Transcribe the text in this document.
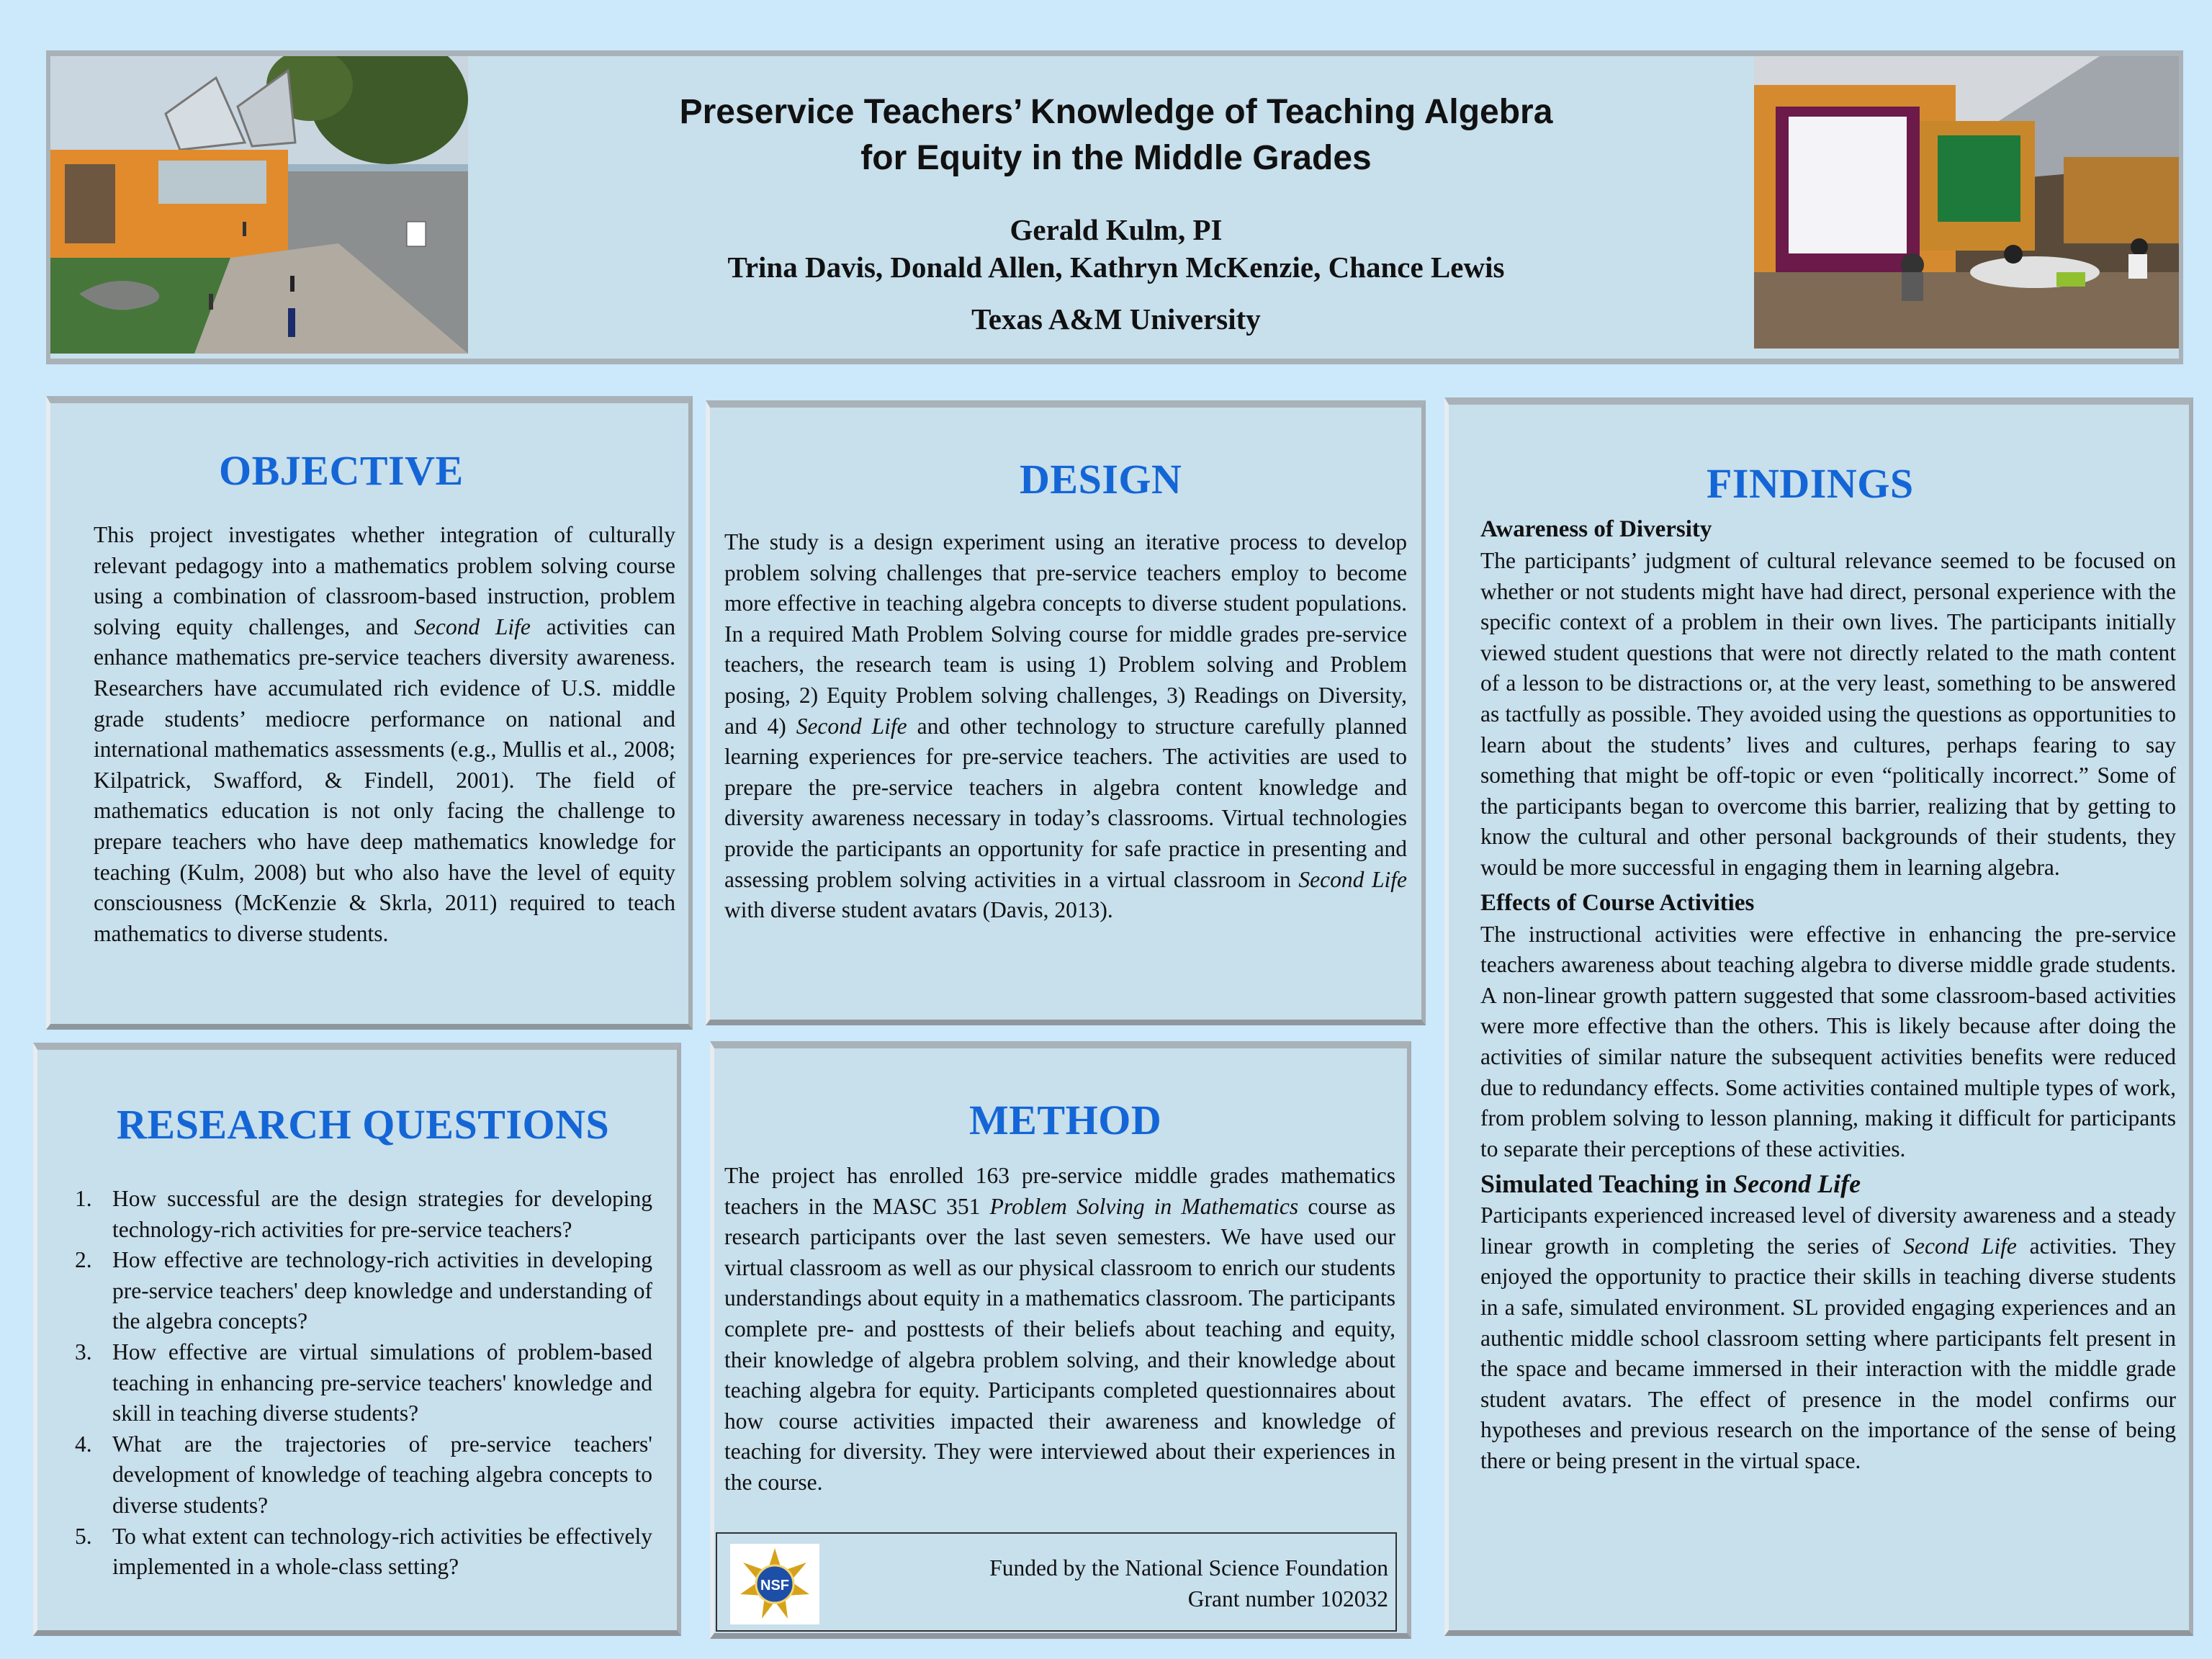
Preservice Teachers’ Knowledge of Teaching Algebra
for Equity in the Middle Grades
Gerald Kulm, PI
Trina Davis, Donald Allen, Kathryn McKenzie, Chance Lewis
Texas A&M University
OBJECTIVE
This project investigates whether integration of culturally relevant pedagogy into a mathematics problem solving course using a combination of classroom-based instruction, problem solving equity challenges, and Second Life activities can enhance mathematics pre-service teachers diversity awareness. Researchers have accumulated rich evidence of U.S. middle grade students’ mediocre performance on national and international mathematics assessments (e.g., Mullis et al., 2008; Kilpatrick, Swafford, & Findell, 2001). The field of mathematics education is not only facing the challenge to prepare teachers who have deep mathematics knowledge for teaching (Kulm, 2008) but who also have the level of equity consciousness (McKenzie & Skrla, 2011) required to teach mathematics to diverse students.
DESIGN
The study is a design experiment using an iterative process to develop problem solving challenges that pre-service teachers employ to become more effective in teaching algebra concepts to diverse student populations. In a required Math Problem Solving course for middle grades pre-service teachers, the research team is using 1) Problem solving and Problem posing, 2) Equity Problem solving challenges, 3) Readings on Diversity, and 4) Second Life and other technology to structure carefully planned learning experiences for pre-service teachers. The activities are used to prepare the pre-service teachers in algebra content knowledge and diversity awareness necessary in today’s classrooms. Virtual technologies provide the participants an opportunity for safe practice in presenting and assessing problem solving activities in a virtual classroom in Second Life with diverse student avatars (Davis, 2013).
FINDINGS
Awareness of Diversity
The participants’ judgment of cultural relevance seemed to be focused on whether or not students might have had direct, personal experience with the specific context of a problem in their own lives. The participants initially viewed student questions that were not directly related to the math content of a lesson to be distractions or, at the very least, something to be answered as tactfully as possible. They avoided using the questions as opportunities to learn about the students’ lives and cultures, perhaps fearing to say something that might be off-topic or even “politically incorrect.” Some of the participants began to overcome this barrier, realizing that by getting to know the cultural and other personal backgrounds of their students, they would be more successful in engaging them in learning algebra.
Effects of Course Activities
The instructional activities were effective in enhancing the pre-service teachers awareness about teaching algebra to diverse middle grade students. A non-linear growth pattern suggested that some classroom-based activities were more effective than the others. This is likely because after doing the activities of similar nature the subsequent activities benefits were reduced due to redundancy effects. Some activities contained multiple types of work, from problem solving to lesson planning, making it difficult for participants to separate their perceptions of these activities.
Simulated Teaching in Second Life
Participants experienced increased level of diversity awareness and a steady linear growth in completing the series of Second Life activities. They enjoyed the opportunity to practice their skills in teaching diverse students in a safe, simulated environment. SL provided engaging experiences and an authentic middle school classroom setting where participants felt present in the space and became immersed in their interaction with the middle grade student avatars. The effect of presence in the model confirms our hypotheses and previous research on the importance of the sense of being there or being present in the virtual space.
RESEARCH QUESTIONS
1. How successful are the design strategies for developing technology-rich activities for pre-service teachers?
2. How effective are technology-rich activities in developing pre-service teachers' deep knowledge and understanding of the algebra concepts?
3. How effective are virtual simulations of problem-based teaching in enhancing pre-service teachers' knowledge and skill in teaching diverse students?
4. What are the trajectories of pre-service teachers' development of knowledge of teaching algebra concepts to diverse students?
5. To what extent can technology-rich activities be effectively implemented in a whole-class setting?
METHOD
The project has enrolled 163 pre-service middle grades mathematics teachers in the MASC 351 Problem Solving in Mathematics course as research participants over the last seven semesters. We have used our virtual classroom as well as our physical classroom to enrich our students understandings about equity in a mathematics classroom. The participants complete pre- and posttests of their beliefs about teaching and equity, their knowledge of algebra problem solving, and their knowledge about teaching algebra for equity. Participants completed questionnaires about how course activities impacted their awareness and knowledge of teaching for diversity. They were interviewed about their experiences in the course.
NSF
Funded by the National Science Foundation
Grant number 102032
